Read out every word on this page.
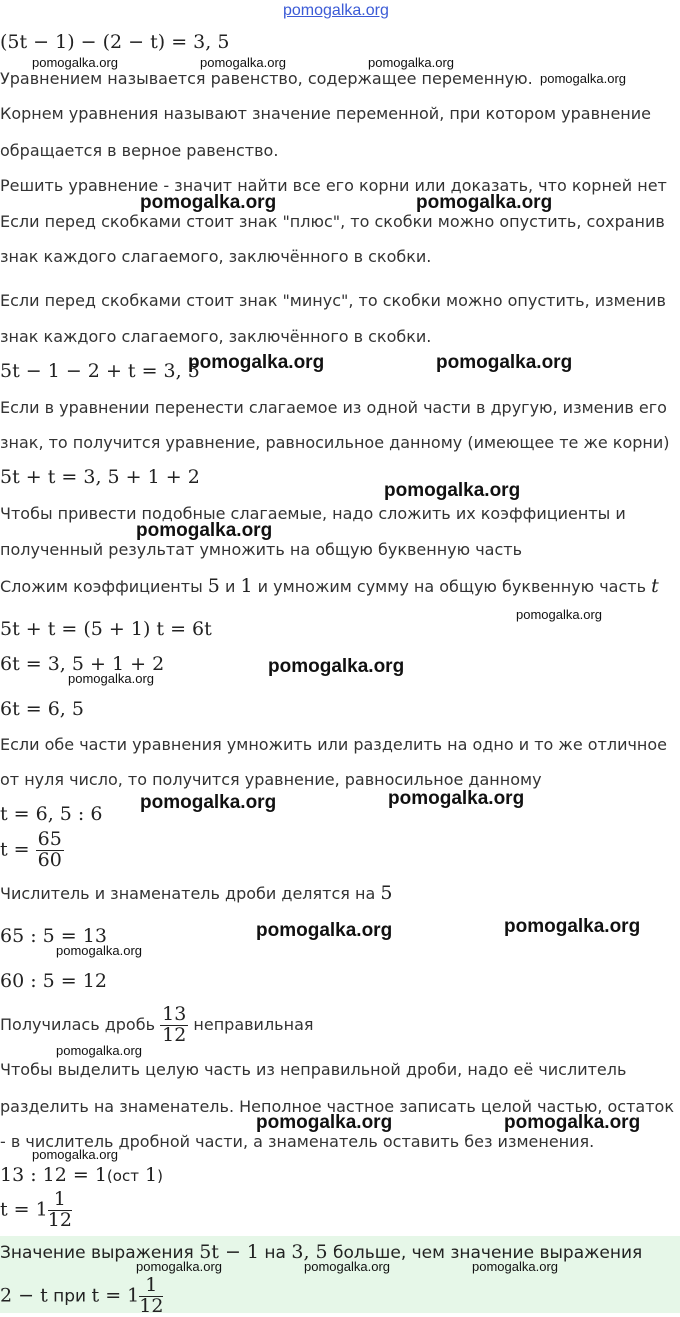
pomogalka.org
(5t − 1) − (2 − t) = 3, 5
Уравнением называется равенство, содержащее переменную.
Корнем уравнения называют значение переменной, при котором уравнение
обращается в верное равенство.
Решить уравнение - значит найти все его корни или доказать, что корней нет
Если перед скобками стоит знак "плюс", то скобки можно опустить, сохранив
знак каждого слагаемого, заключённого в скобки.
Если перед скобками стоит знак "минус", то скобки можно опустить, изменив
знак каждого слагаемого, заключённого в скобки.
5t − 1 − 2 + t = 3, 5
Если в уравнении перенести слагаемое из одной части в другую, изменив его
знак, то получится уравнение, равносильное данному (имеющее те же корни)
5t + t = 3, 5 + 1 + 2
Чтобы привести подобные слагаемые, надо сложить их коэффициенты и
полученный результат умножить на общую буквенную часть
Сложим коэффициенты 5 и 1 и умножим сумму на общую буквенную часть t
5t + t = (5 + 1) t = 6t
6t = 3, 5 + 1 + 2
6t = 6, 5
Если обе части уравнения умножить или разделить на одно и то же отличное
от нуля число, то получится уравнение, равносильное данному
t = 6, 5 : 6
$t = \frac{65}{60}$
Числитель и знаменатель дроби делятся на 5
65 : 5 = 13
60 : 5 = 12
Получилась дробь $\frac{13}{12}$ неправильная
Чтобы выделить целую часть из неправильной дроби, надо её числитель
разделить на знаменатель. Неполное частное записать целой частью, остаток
- в числитель дробной части, а знаменатель оставить без изменения.
13 : 12 = 1(ост 1)
$t = 1 \frac{1}{12}$
Значение выражения 5t − 1 на 3, 5 больше, чем значение выражения
2 − t при $t = 1 \frac{1}{12}$
pomogalka.org	pomogalka.org	pomogalka.org
pomogalka.org
pomogalka.org	pomogalka.org
pomogalka.org	pomogalka.org
pomogalka.org
pomogalka.org
pomogalka.org
pomogalka.org
pomogalka.org
pomogalka.org	pomogalka.org
pomogalka.org	pomogalka.org
pomogalka.org
pomogalka.org
pomogalka.org	pomogalka.org
pomogalka.org
pomogalka.org	pomogalka.org	pomogalka.org
